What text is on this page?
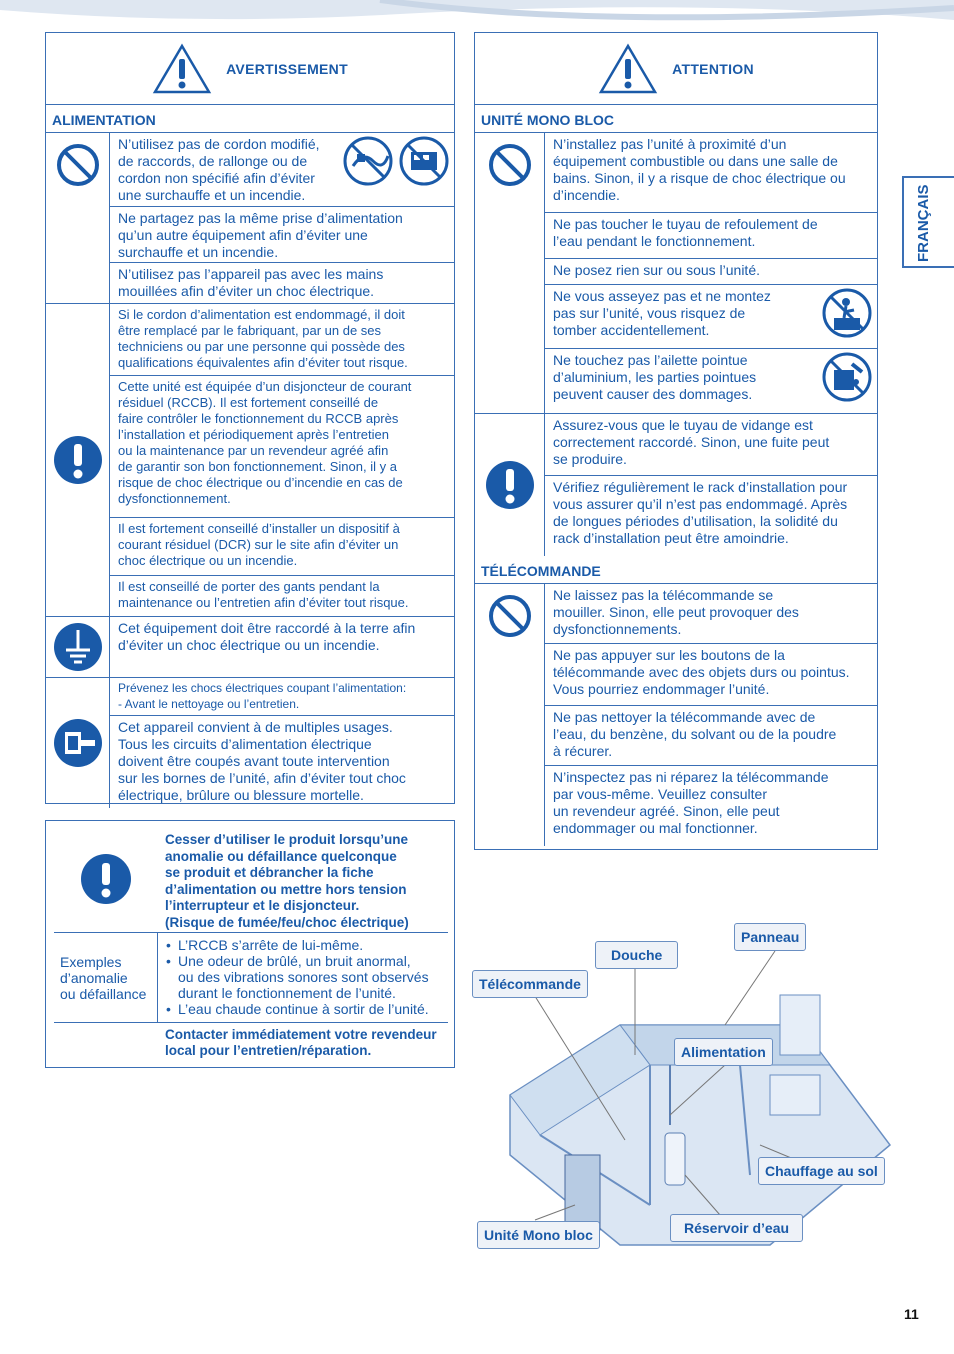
FRANÇAIS
AVERTISSEMENT
ALIMENTATION
N’utilisez pas de cordon modifié,
de raccords, de rallonge ou de
cordon non spécifié afin d’éviter
une surchauffe et un incendie.
Ne partagez pas la même prise d’alimentation
qu’un autre équipement afin d’éviter une
surchauffe et un incendie.
N’utilisez pas l’appareil pas avec les mains
mouillées afin d’éviter un choc électrique.
Si le cordon d’alimentation est endommagé, il doit
être remplacé par le fabriquant, par un de ses
techniciens ou par une personne qui possède des
qualifications équivalentes afin d’éviter tout risque.
Cette unité est équipée d’un disjoncteur de courant
résiduel (RCCB). Il est fortement conseillé de
faire contrôler le fonctionnement du RCCB après
l’installation et périodiquement après l’entretien
ou la maintenance par un revendeur agréé afin
de garantir son bon fonctionnement. Sinon, il y a
risque de choc électrique ou d’incendie en cas de
dysfonctionnement.
Il est fortement conseillé d’installer un dispositif à
courant résiduel (DCR) sur le site afin d’éviter un
choc électrique ou un incendie.
Il est conseillé de porter des gants pendant la
maintenance ou l’entretien afin d’éviter tout risque.
Cet équipement doit être raccordé à la terre afin
d’éviter un choc électrique ou un incendie.
Prévenez les chocs électriques coupant l’alimentation:
- Avant le nettoyage ou l’entretien.
Cet appareil convient à de multiples usages.
Tous les circuits d’alimentation électrique
doivent être coupés avant toute intervention
sur les bornes de l’unité, afin d’éviter tout choc
électrique, brûlure ou blessure mortelle.
ATTENTION
UNITÉ MONO BLOC
N’installez pas l’unité à proximité d’un
équipement combustible ou dans une salle de
bains. Sinon, il y a risque de choc électrique ou
d’incendie.
Ne pas toucher le tuyau de refoulement de
l’eau pendant le fonctionnement.
Ne posez rien sur ou sous l’unité.
Ne vous asseyez pas et ne montez
pas sur l’unité, vous risquez de
tomber accidentellement.
Ne touchez pas l’ailette pointue
d’aluminium, les parties pointues
peuvent causer des dommages.
Assurez-vous que le tuyau de vidange est
correctement raccordé. Sinon, une fuite peut
se produire.
Vérifiez régulièrement le rack d’installation pour
vous assurer qu’il n’est pas endommagé. Après
de longues périodes d’utilisation, la solidité du
rack d’installation peut être amoindrie.
TÉLÉCOMMANDE
Ne laissez pas la télécommande se
mouiller. Sinon, elle peut provoquer des
dysfonctionnements.
Ne pas appuyer sur les boutons de la
télécommande avec des objets durs ou pointus.
Vous pourriez endommager l’unité.
Ne pas nettoyer la télécommande avec de
l’eau, du benzène, du solvant ou de la poudre
à récurer.
N’inspectez pas ni réparez la télécommande
par vous-même. Veuillez consulter
un revendeur agréé. Sinon, elle peut
endommager ou mal fonctionner.
Cesser d’utiliser le produit lorsqu’une
anomalie ou défaillance quelconque
se produit et débrancher la fiche
d’alimentation ou mettre hors tension
l’interrupteur et le disjoncteur.
(Risque de fumée/feu/choc électrique)
Exemples
d’anomalie
ou défaillance
• L’RCCB s’arrête de lui-même.
• Une odeur de brûlé, un bruit anormal,
ou des vibrations sonores sont observés
durant le fonctionnement de l’unité.
• L’eau chaude continue à sortir de l’unité.
Contacter immédiatement votre revendeur
local pour l’entretien/réparation.
Panneau
Douche
Télécommande
Alimentation
Chauffage au sol
Unité Mono bloc	Réservoir d’eau
11
